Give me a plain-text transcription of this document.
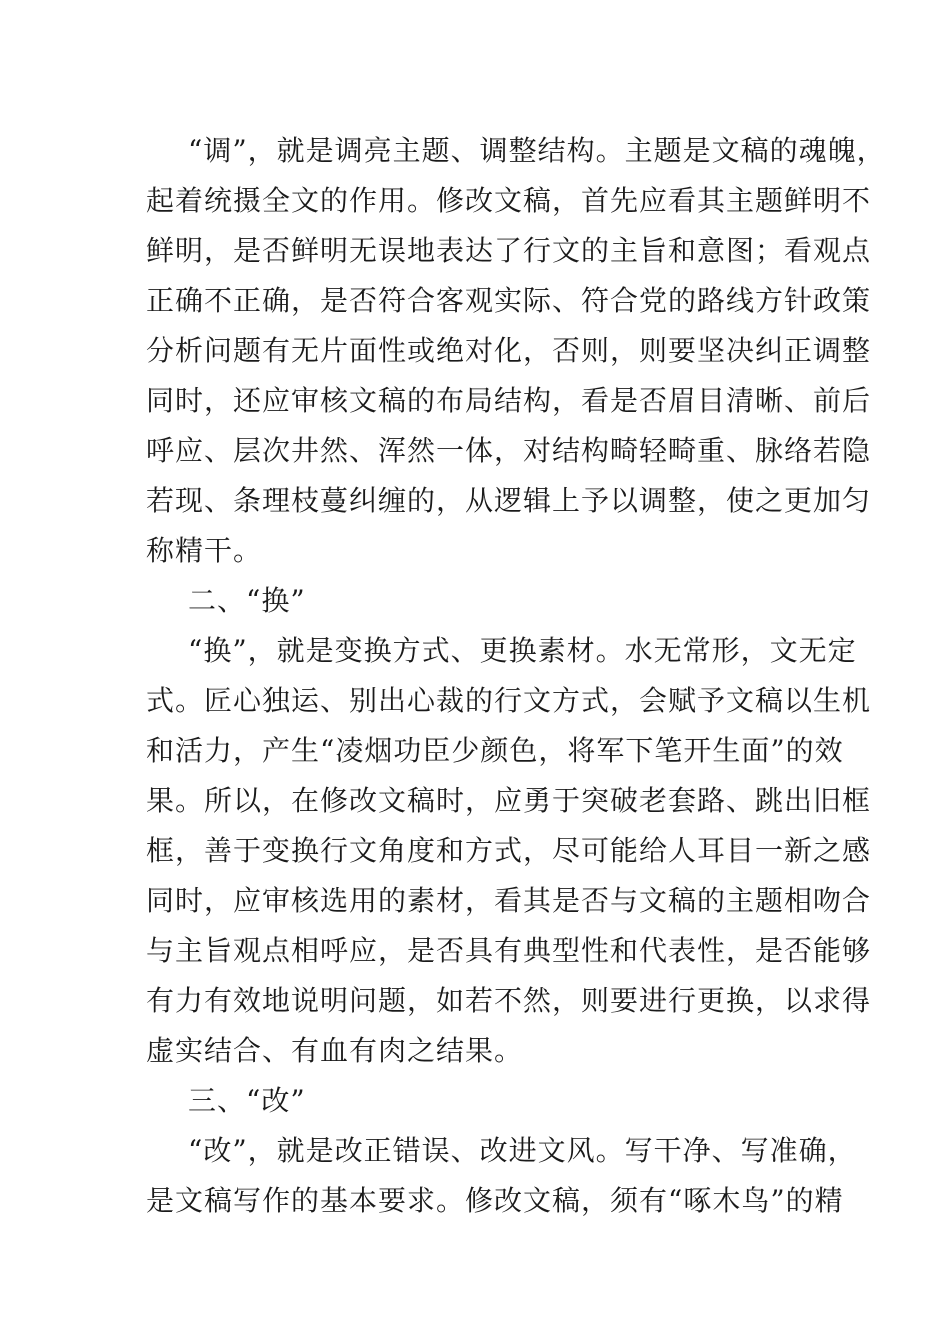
“调”，就是调亮主题、调整结构。主题是文稿的魂魄，
起着统摄全文的作用。修改文稿，首先应看其主题鲜明不
鲜明，是否鲜明无误地表达了行文的主旨和意图；看观点
正确不正确，是否符合客观实际、符合党的路线方针政策
分析问题有无片面性或绝对化，否则，则要坚决纠正调整
同时，还应审核文稿的布局结构，看是否眉目清晰、前后
呼应、层次井然、浑然一体，对结构畸轻畸重、脉络若隐
若现、条理枝蔓纠缠的，从逻辑上予以调整，使之更加匀
称精干。
二、“换”
“换”，就是变换方式、更换素材。水无常形，文无定
式。匠心独运、别出心裁的行文方式，会赋予文稿以生机
和活力，产生“凌烟功臣少颜色，将军下笔开生面”的效
果。所以，在修改文稿时，应勇于突破老套路、跳出旧框
框，善于变换行文角度和方式，尽可能给人耳目一新之感
同时，应审核选用的素材，看其是否与文稿的主题相吻合
与主旨观点相呼应，是否具有典型性和代表性，是否能够
有力有效地说明问题，如若不然，则要进行更换，以求得
虚实结合、有血有肉之结果。
三、“改”
“改”，就是改正错误、改进文风。写干净、写准确，
是文稿写作的基本要求。修改文稿，须有“啄木鸟”的精
